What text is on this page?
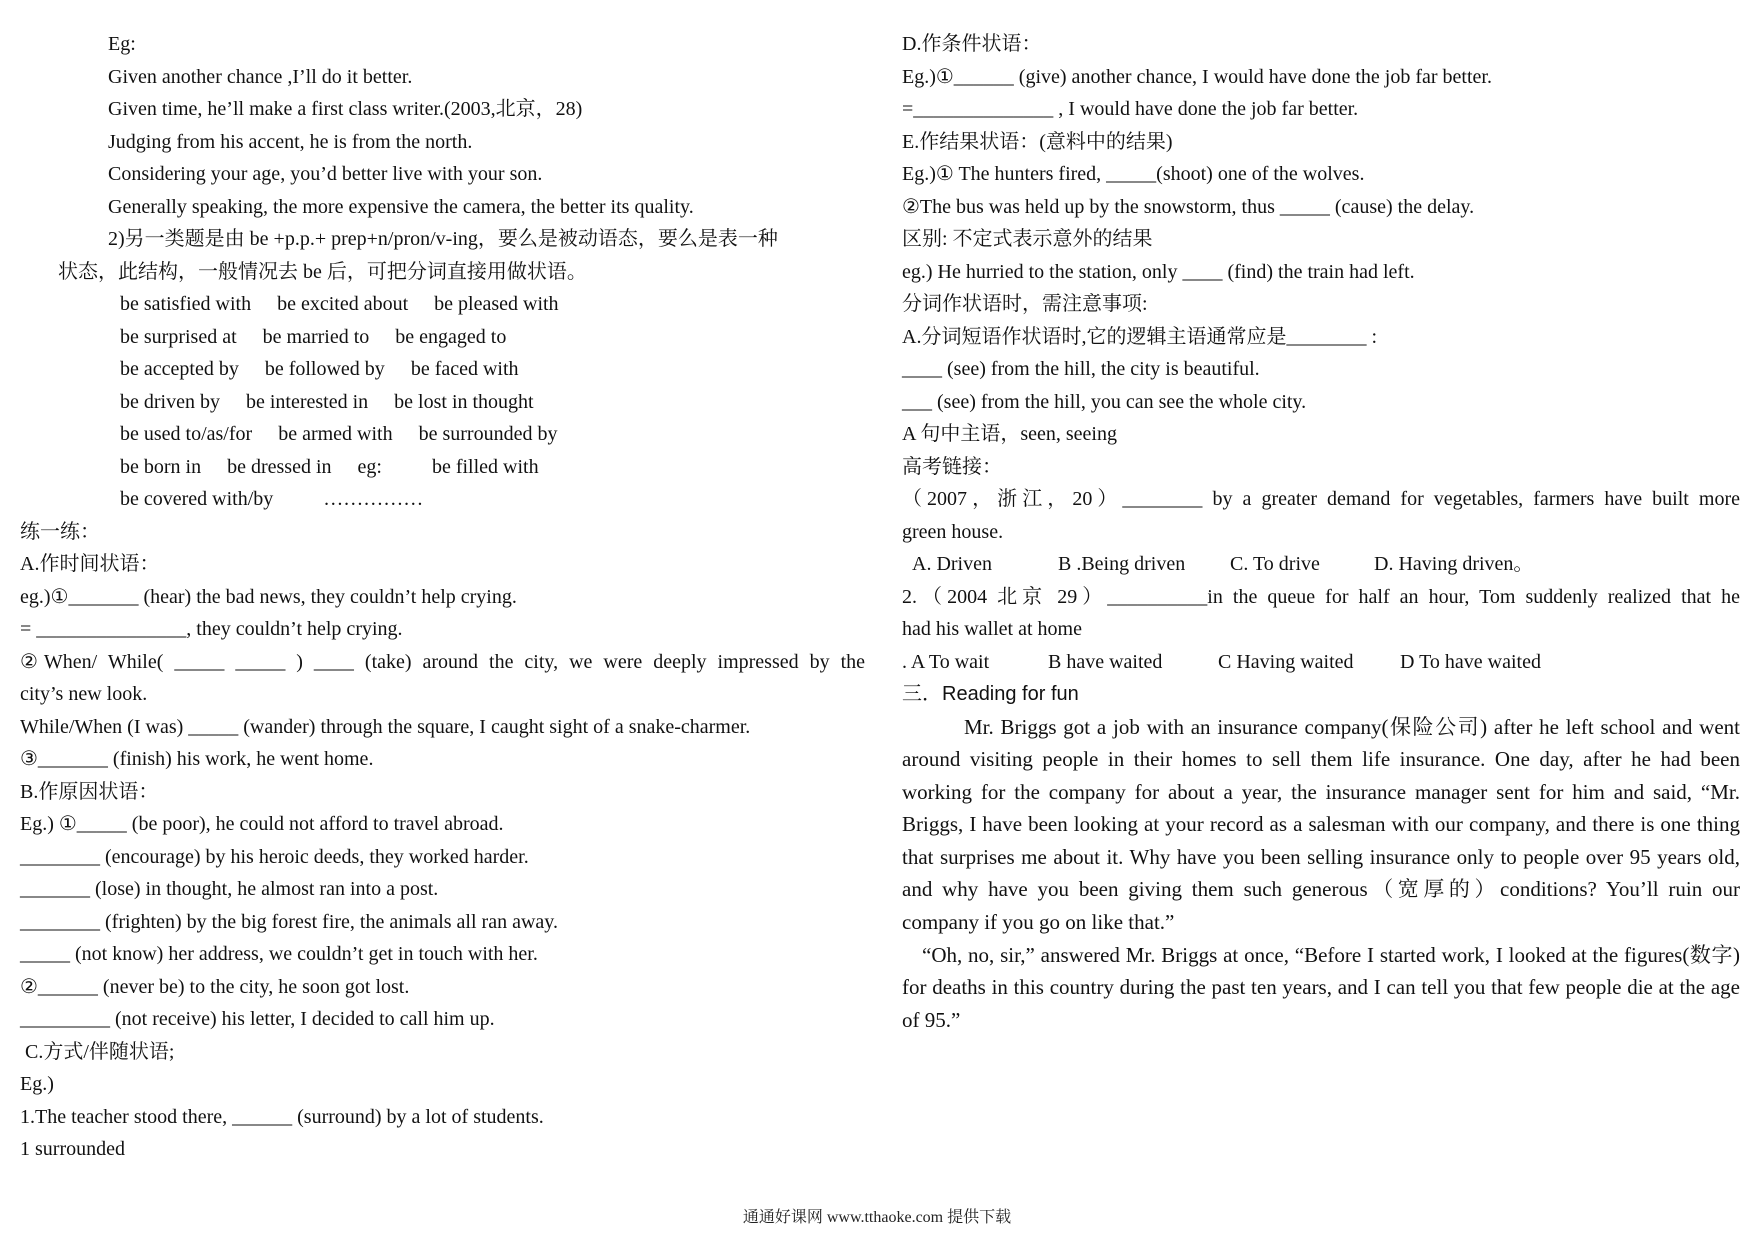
Eg:
Given another chance ,I’ll do it better.
Given time, he’ll make a first class writer.(2003,北京，28)
Judging from his accent, he is from the north.
Considering your age, you’d better live with your son.
Generally speaking, the more expensive the camera, the better its quality.
2)另一类题是由 be +p.p.+ prep+n/pron/v-ing，要么是被动语态，要么是表一种
状态，此结构，一般情况去 be 后，可把分词直接用做状语。
be satisfied with be excited about be pleased with
be surprised at be married to be engaged to
be accepted by be followed by be faced with
be driven by be interested in be lost in thought
be used to/as/for be armed with be surrounded by
be born in be dressed in eg:	be filled with
be covered with/by	……………
练一练：
A.作时间状语：
eg.)①_______ (hear) the bad news, they couldn’t help crying.
= _______________, they couldn’t help crying.
②When/ While( _____ _____ ) ____ (take) around the city, we were deeply impressed by the
city’s new look.
While/When (I was) _____ (wander) through the square, I caught sight of a snake-charmer.
③_______ (finish) his work, he went home.
B.作原因状语：
Eg.) ①_____ (be poor), he could not afford to travel abroad.
________ (encourage) by his heroic deeds, they worked harder.
_______ (lose) in thought, he almost ran into a post.
________ (frighten) by the big forest fire, the animals all ran away.
_____ (not know) her address, we couldn’t get in touch with her.
②______ (never be) to the city, he soon got lost.
_________ (not receive) his letter, I decided to call him up.
C.方式/伴随状语;
Eg.)
1.The teacher stood there, ______ (surround) by a lot of students.
1 surrounded
D.作条件状语：
Eg.)①______ (give) another chance, I would have done the job far better.
=______________ , I would have done the job far better.
E.作结果状语：(意料中的结果)
Eg.)① The hunters fired, _____(shoot) one of the wolves.
②The bus was held up by the snowstorm, thus _____ (cause) the delay.
区别: 不定式表示意外的结果
eg.) He hurried to the station, only ____ (find) the train had left.
分词作状语时，需注意事项:
A.分词短语作状语时,它的逻辑主语通常应是________ :
____ (see) from the hill, the city is beautiful.
___ (see) from the hill, you can see the whole city.
A 句中主语，seen, seeing
高考链接：
（2007，浙江，20）________ by a greater demand for vegetables, farmers have built more
green house.
A. Driven	B .Being driven C. To drive	D. Having driven。
2.（2004 北京 29）__________in the queue for half an hour, Tom suddenly realized that he
had his wallet at home
. A To wait	B have waited	C Having waited D To have waited
三．Reading for fun
Mr. Briggs got a job with an insurance company(保险公司) after he left school and went around visiting people in their homes to sell them life insurance. One day, after he had been working for the company for about a year, the insurance manager sent for him and said, “Mr. Briggs, I have been looking at your record as a salesman with our company, and there is one thing that surprises me about it. Why have you been selling insurance only to people over 95 years old, and why have you been giving them such generous（宽厚的）conditions? You’ll ruin our company if you go on like that.”
“Oh, no, sir,” answered Mr. Briggs at once, “Before I started work, I looked at the figures(数字) for deaths in this country during the past ten years, and I can tell you that few people die at the age of 95.”
通通好课网 www.tthaoke.com 提供下载
